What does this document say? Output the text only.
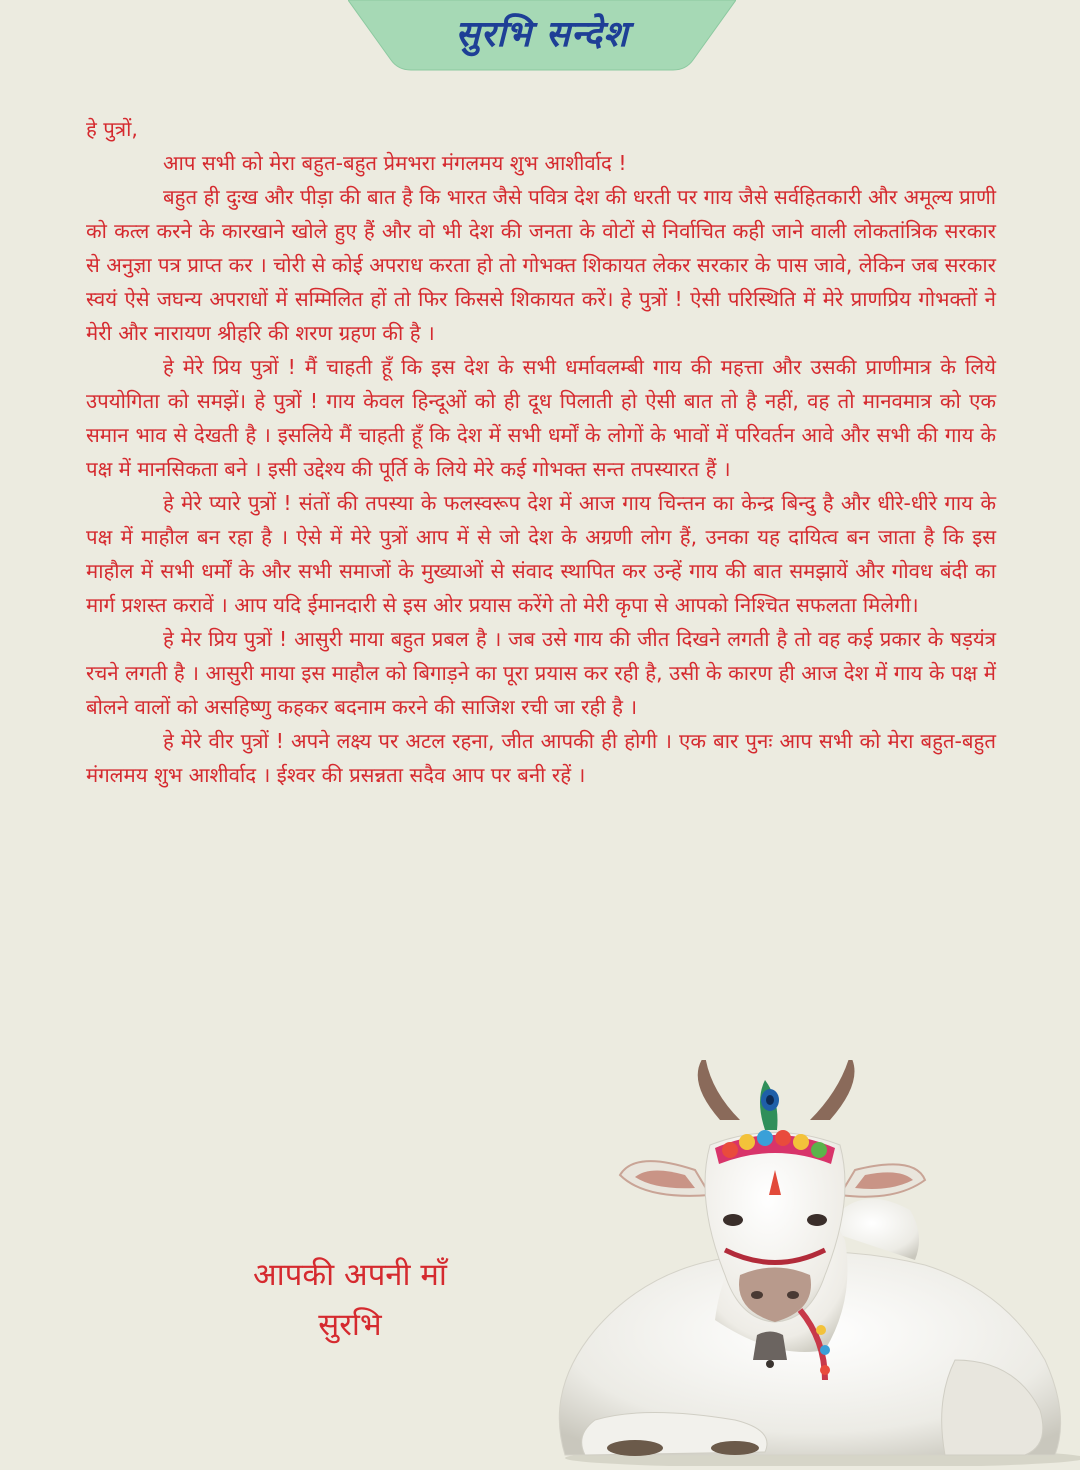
सुरभि सन्देश

हे पुत्रों,

आप सभी को मेरा बहुत-बहुत प्रेमभरा मंगलमय शुभ आशीर्वाद !

बहुत ही दुःख और पीड़ा की बात है कि भारत जैसे पवित्र देश की धरती पर गाय जैसे सर्वहितकारी और अमूल्य प्राणी को कत्ल करने के कारखाने खोले हुए हैं और वो भी देश की जनता के वोटों से निर्वाचित कही जाने वाली लोकतांत्रिक सरकार से अनुज्ञा पत्र प्राप्त कर । चोरी से कोई अपराध करता हो तो गोभक्त शिकायत लेकर सरकार के पास जावे, लेकिन जब सरकार स्वयं ऐसे जघन्य अपराधों में सम्मिलित हों तो फिर किससे शिकायत करें। हे पुत्रों ! ऐसी परिस्थिति में मेरे प्राणप्रिय गोभक्तों ने मेरी और नारायण श्रीहरि की शरण ग्रहण की है ।

हे मेरे प्रिय पुत्रों ! मैं चाहती हूँ कि इस देश के सभी धर्मावलम्बी गाय की महत्ता और उसकी प्राणीमात्र के लिये उपयोगिता को समझें। हे पुत्रों ! गाय केवल हिन्दूओं को ही दूध पिलाती हो ऐसी बात तो है नहीं, वह तो मानवमात्र को एक समान भाव से देखती है । इसलिये मैं चाहती हूँ कि देश में सभी धर्मों के लोगों के भावों में परिवर्तन आवे और सभी की गाय के पक्ष में मानसिकता बने । इसी उद्देश्य की पूर्ति के लिये मेरे कई गोभक्त सन्त तपस्यारत हैं ।

हे मेरे प्यारे पुत्रों ! संतों की तपस्या के फलस्वरूप देश में आज गाय चिन्तन का केन्द्र बिन्दु है और धीरे-धीरे गाय के पक्ष में माहौल बन रहा है । ऐसे में मेरे पुत्रों आप में से जो देश के अग्रणी लोग हैं, उनका यह दायित्व बन जाता है कि इस माहौल में सभी धर्मों के और सभी समाजों के मुख्याओं से संवाद स्थापित कर उन्हें गाय की बात समझायें और गोवध बंदी का मार्ग प्रशस्त करावें । आप यदि ईमानदारी से इस ओर प्रयास करेंगे तो मेरी कृपा से आपको निश्चित सफलता मिलेगी।

हे मेर प्रिय पुत्रों ! आसुरी माया बहुत प्रबल है । जब उसे गाय की जीत दिखने लगती है तो वह कई प्रकार के षड़यंत्र रचने लगती है । आसुरी माया इस माहौल को बिगाड़ने का पूरा प्रयास कर रही है, उसी के कारण ही आज देश में गाय के पक्ष में बोलने वालों को असहिष्णु कहकर बदनाम करने की साजिश रची जा रही है ।

हे मेरे वीर पुत्रों ! अपने लक्ष्य पर अटल रहना, जीत आपकी ही होगी । एक बार पुनः आप सभी को मेरा बहुत-बहुत मंगलमय शुभ आशीर्वाद । ईश्वर की प्रसन्नता सदैव आप पर बनी रहें ।

आपकी अपनी माँ
सुरभि
